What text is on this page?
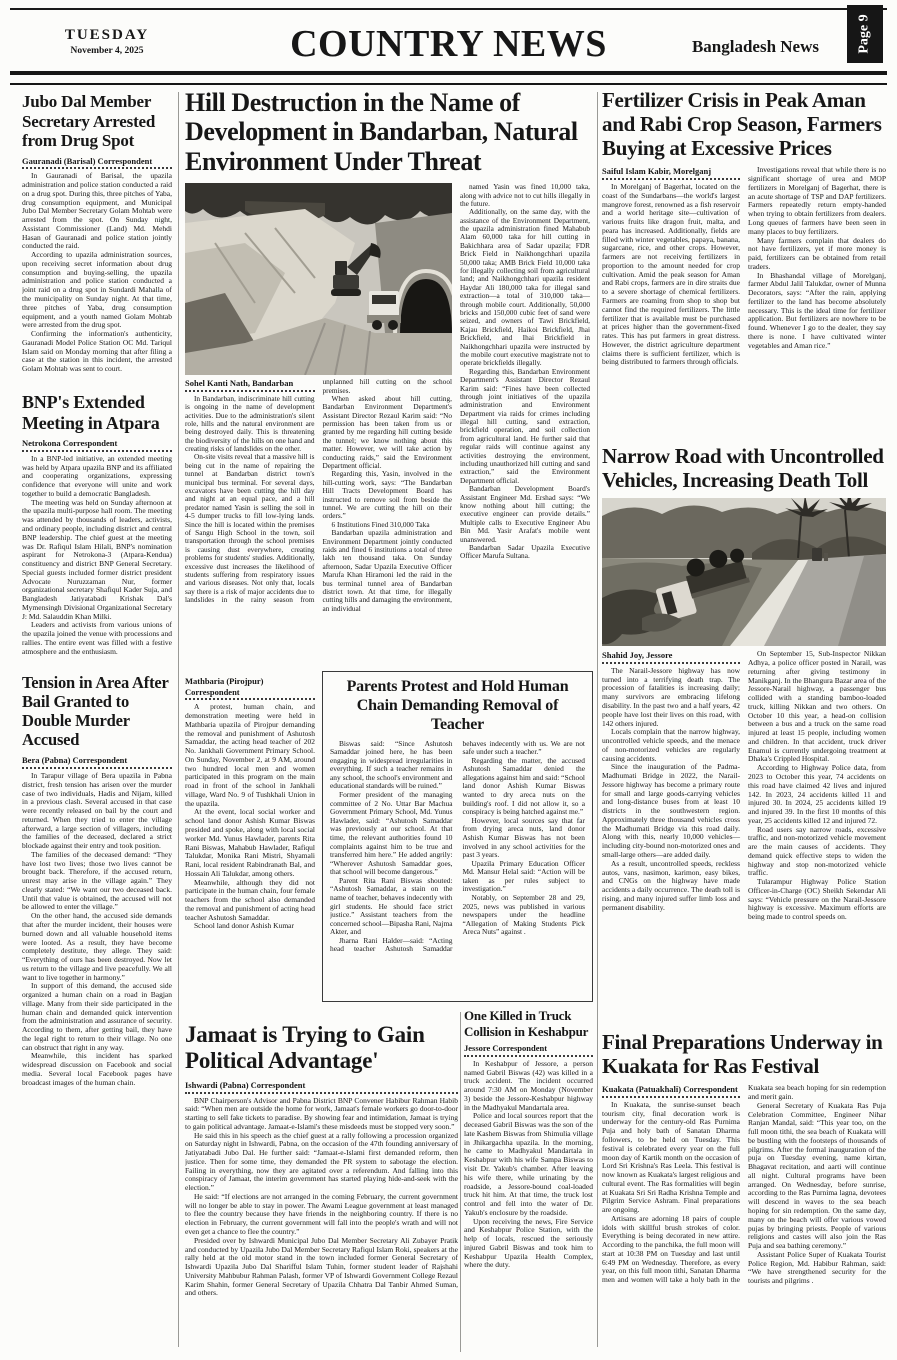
TUESDAY
November 4, 2025	COUNTRY NEWS	Bangladesh News	Page 9
Jubo Dal Member Secretary Arrested from Drug Spot
Gauranadi (Barisal) Correspondent

In Gauranadi of Barisal, the upazila administration and police station conducted a raid on a drug spot. During this, three pitches of Yaba, drug consumption equipment, and Municipal Jubo Dal Member Secretary Golam Mohtab were arrested from the spot. On Sunday night, Assistant Commissioner (Land) Md. Mehdi Hasan of Gauranadi and police station jointly conducted the raid.

According to upazila administration sources, upon receiving secret information about drug consumption and buying-selling, the upazila administration and police station conducted a joint raid on a drug spot in Sundardi Mahalla of the municipality on Sunday night. At that time, three pitches of Yaba, drug consumption equipment, and a youth named Golam Mohtab were arrested from the drug spot.

Confirming the information's authenticity, Gauranadi Model Police Station OC Md. Tariqul Islam said on Monday morning that after filing a case at the station in this incident, the arrested Golam Mohtab was sent to court.

BNP's Extended Meeting in Atpara
Netrokona Correspondent

In a BNP-led initiative, an extended meeting was held by Atpara upazila BNP and its affiliated and cooperating organizations, expressing confidence that everyone will unite and work together to build a democratic Bangladesh.

The meeting was held on Sunday afternoon at the upazila multi-purpose hall room. The meeting was attended by thousands of leaders, activists, and ordinary people, including district and central BNP leadership. The chief guest at the meeting was Dr. Rafiqul Islam Hilali, BNP's nomination aspirant for Netrokona-3 (Atpara-Kendua) constituency and district BNP General Secretary. Special guests included former district president Advocate Nuruzzaman Nur, former organizational secretary Shafiqul Kader Suja, and Bangladesh Jatiyatabadi Krishak Dal's Mymensingh Divisional Organizational Secretary J: Md. Salauddin Khan Milki.

Leaders and activists from various unions of the upazila joined the venue with processions and rallies. The entire event was filled with a festive atmosphere and the enthusiasm.

Tension in Area After Bail Granted to Double Murder Accused
Bera (Pabna) Correspondent

In Tarapur village of Bera upazila in Pabna district, fresh tension has arisen over the murder case of two individuals, Hadis and Nijam, killed in a previous clash. Several accused in that case were recently released on bail by the court and returned. When they tried to enter the village afterward, a large section of villagers, including the families of the deceased, declared a strict blockade against their entry and took position.

The families of the deceased demand: “They have lost two lives; those two lives cannot be brought back. Therefore, if the accused return, unrest may arise in the village again.” They clearly stated: “We want our two deceased back. Until that value is obtained, the accused will not be allowed to enter the village.”

On the other hand, the accused side demands that after the murder incident, their houses were burned down and all valuable household items were looted. As a result, they have become completely destitute, they allege. They said: “Everything of ours has been destroyed. Now let us return to the village and live peacefully. We all want to live together in harmony.”

In support of this demand, the accused side organized a human chain on a road in Bagjan village. Many from their side participated in the human chain and demanded quick intervention from the administration and assurance of security. According to them, after getting bail, they have the legal right to return to their village. No one can obstruct that right in any way.

Meanwhile, this incident has sparked widespread discussion on Facebook and social media. Several local Facebook pages have broadcast images of the human chain.

Hill Destruction in the Name of Development in Bandarban, Natural Environment Under Threat
Sohel Kanti Nath, Bandarban

In Bandarban, indiscriminate hill cutting is ongoing in the name of development activities. Due to the administration's silent role, hills and the natural environment are being destroyed daily. This is threatening the biodiversity of the hills on one hand and creating risks of landslides on the other.

On-site visits reveal that a massive hill is being cut in the name of repairing the tunnel at Bandarban district town's municipal bus terminal. For several days, excavators have been cutting the hill day and night at an equal pace, and a hill predator named Yasin is selling the soil in 4-5 dumper trucks to fill low-lying lands. Since the hill is located within the premises of Sangu High School in the town, soil transportation through the school premises is causing dust everywhere, creating problems for students' studies. Additionally, excessive dust increases the likelihood of students suffering from respiratory issues and various diseases. Not only that, locals say there is a risk of major accidents due to landslides in the rainy season from unplanned hill cutting on the school premises.

When asked about hill cutting, Bandarban Environment Department's Assistant Director Rezaul Karim said: “No permission has been taken from us or granted by me regarding hill cutting beside the tunnel; we know nothing about this matter. However, we will take action by conducting raids,” said the Environment Department official.

Regarding this, Yasin, involved in the hill-cutting work, says: “The Bandarban Hill Tracts Development Board has instructed to remove soil from beside the tunnel. We are cutting the hill on their orders.”

6 Institutions Fined 310,000 Taka

Bandarban upazila administration and Environment Department jointly conducted raids and fined 6 institutions a total of three lakh ten thousand taka. On Sunday afternoon, Sadar Upazila Executive Officer Marufa Khan Hiramoni led the raid in the bus terminal tunnel area of Bandarban district town. At that time, for illegally cutting hills and damaging the environment, an individual

named Yasin was fined 10,000 taka, along with advice not to cut hills illegally in the future.

Additionally, on the same day, with the assistance of the Environment Department, the upazila administration fined Mahabub Alam 60,000 taka for hill cutting in Bakichhara area of Sadar upazila; FDR Brick Field in Naikhongchhari upazila 50,000 taka; AMB Brick Field 10,000 taka for illegally collecting soil from agricultural land; and Naikhongchhari upazila resident Haydar Ali 180,000 taka for illegal sand extraction—a total of 310,000 taka—through mobile court. Additionally, 50,000 bricks and 150,000 cubic feet of sand were seized, and owners of Tawi Brickfield, Kajau Brickfield, Haikoi Brickfield, Jhai Brickfield, and Ihai Brickfield in Naikhongchhari upazila were instructed by the mobile court executive magistrate not to operate brickfields illegally.

Regarding this, Bandarban Environment Department's Assistant Director Rezaul Karim said: “Fines have been collected through joint initiatives of the upazila administration and Environment Department via raids for crimes including illegal hill cutting, sand extraction, brickfield operation, and soil collection from agricultural land. He further said that regular raids will continue against any activities destroying the environment, including unauthorized hill cutting and sand extraction,” said the Environment Department official.

Bandarban Development Board's Assistant Engineer Md. Ershad says: “We know nothing about hill cutting; the executive engineer can provide details.” Multiple calls to Executive Engineer Abu Bin Md. Yasir Arafat's mobile went unanswered.

Bandarban Sadar Upazila Executive Officer Marufa Sultana.

Mathbaria (Pirojpur) Correspondent

A protest, human chain, and demonstration meeting were held in Mathbaria upazila of Pirojpur demanding the removal and punishment of Ashutosh Samaddar, the acting head teacher of 202 No. Jankhali Government Primary School. On Sunday, November 2, at 9 AM, around two hundred local men and women participated in this program on the main road in front of the school in Jankhali village, Ward No. 9 of Tushkhali Union in the upazila.

At the event, local social worker and school land donor Ashish Kumar Biswas presided and spoke, along with local social worker Md. Yunus Hawlader, parents Rita Rani Biswas, Mahabub Hawlader, Rafiqul Talukdar, Monika Rani Mistri, Shyamali Rani, local resident Rabindranath Bal, and Hossain Ali Talukdar, among others.

Meanwhile, although they did not participate in the human chain, four female teachers from the school also demanded the removal and punishment of acting head teacher Ashutosh Samaddar.

School land donor Ashish Kumar

Parents Protest and Hold Human Chain Demanding Removal of Teacher

Biswas said: “Since Ashutosh Samaddar joined here, he has been engaging in widespread irregularities in everything. If such a teacher remains in any school, the school's environment and educational standards will be ruined.”

Former president of the managing committee of 2 No. Uttar Bar Machua Government Primary School, Md. Yunus Hawlader, said: “Ashutosh Samaddar was previously at our school. At that time, the relevant authorities found 10 complaints against him to be true and transferred him here.” He added angrily: “Wherever Ashutosh Samaddar goes, that school will become dangerous.”

Parent Rita Rani Biswas shouted: “Ashutosh Samaddar, a stain on the name of teacher, behaves indecently with girl students. He should face strict justice.” Assistant teachers from the concerned school—Bipasha Rani, Najma Akter, and

Jharna Rani Halder—said: “Acting head teacher Ashutosh Samaddar behaves indecently with us. We are not safe under such a teacher.”

Regarding the matter, the accused Ashutosh Samaddar denied the allegations against him and said: “School land donor Ashish Kumar Biswas wanted to dry areca nuts on the building's roof. I did not allow it, so a conspiracy is being hatched against me.”

However, local sources say that far from drying areca nuts, land donor Ashish Kumar Biswas has not been involved in any school activities for the past 3 years.

Upazila Primary Education Officer Md. Mansur Helal said: “Action will be taken as per rules subject to investigation.”

Notably, on September 28 and 29, 2025, news was published in various newspapers under the headline “Allegation of Making Students Pick Areca Nuts” against .

Jamaat is Trying to Gain Political Advantage'
Ishwardi (Pabna) Correspondent

BNP Chairperson's Advisor and Pabna District BNP Convener Habibur Rahman Habib said: “When men are outside the home for work, Jamaat's female workers go door-to-door starting to sell fake tickets to paradise. By showing fear and intimidation, Jamaat is trying to gain political advantage. Jamaat-e-Islami's these misdeeds must be stopped very soon.”

He said this in his speech as the chief guest at a rally following a procession organized on Saturday night in Ishwardi, Pabna, on the occasion of the 47th founding anniversary of Jatiyatabadi Jubo Dal. He further said: “Jamaat-e-Islami first demanded reform, then justice. Then for some time, they demanded the PR system to sabotage the election. Failing in everything, now they are agitated over a referendum. And falling into this conspiracy of Jamaat, the interim government has started playing hide-and-seek with the election.”

He said: “If elections are not arranged in the coming February, the current government will no longer be able to stay in power. The Awami League government at least managed to flee the country because they have friends in the neighboring country. If there is no election in February, the current government will fall into the people's wrath and will not even get a chance to flee the country.”

Presided over by Ishwardi Municipal Jubo Dal Member Secretary Ali Zubayer Pratik and conducted by Upazila Jubo Dal Member Secretary Rafiqul Islam Roki, speakers at the rally held at the old motor stand in the town included former General Secretary of Ishwardi Upazila Jubo Dal Sharifful Islam Tuhin, former student leader of Rajshahi University Mahbubur Rahman Palash, former VP of Ishwardi Government College Rezaul Karim Shahin, former General Secretary of Upazila Chhatra Dal Tanbir Ahmed Suman, and others.

One Killed in Truck Collision in Keshabpur
Jessore Correspondent

In Keshabpur of Jessore, a person named Gabril Biswas (42) was killed in a truck accident. The incident occurred around 7:30 AM on Monday (November 3) beside the Jessore-Keshabpur highway in the Madhyakul Mandartala area.

Police and local sources report that the deceased Gabril Biswas was the son of the late Kashem Biswas from Shimulia village in Jhikargachha upazila. In the morning, he came to Madhyakul Mandartala in Keshabpur with his wife Sampa Biswas to visit Dr. Yakub's chamber. After leaving his wife there, while urinating by the roadside, a Jessore-bound coal-loaded truck hit him. At that time, the truck lost control and fell into the water of Dr. Yakub's enclosure by the roadside.

Upon receiving the news, Fire Service and Keshabpur Police Station, with the help of locals, rescued the seriously injured Gabril Biswas and took him to Keshabpur Upazila Health Complex, where the duty.

Fertilizer Crisis in Peak Aman and Rabi Crop Season, Farmers Buying at Excessive Prices
Saiful Islam Kabir, Morelganj

In Morelganj of Bagerhat, located on the coast of the Sundarbans—the world's largest mangrove forest, renowned as a fish reservoir and a world heritage site—cultivation of various fruits like dragon fruit, malta, and peara has increased. Additionally, fields are filled with winter vegetables, papaya, banana, sugarcane, rice, and other crops. However, farmers are not receiving fertilizers in proportion to the amount needed for crop cultivation. Amid the peak season for Aman and Rabi crops, farmers are in dire straits due to a severe shortage of chemical fertilizers. Farmers are roaming from shop to shop but cannot find the required fertilizers. The little fertilizer that is available must be purchased at prices higher than the government-fixed rates. This has put farmers in great distress. However, the district agriculture department claims there is sufficient fertilizer, which is being distributed to farmers through officials.

Investigations reveal that while there is no significant shortage of urea and MOP fertilizers in Morelganj of Bagerhat, there is an acute shortage of TSP and DAP fertilizers. Farmers repeatedly return empty-handed when trying to obtain fertilizers from dealers. Long queues of farmers have been seen in many places to buy fertilizers.

Many farmers complain that dealers do not have fertilizers, yet if more money is paid, fertilizers can be obtained from retail traders.

In Bhashandal village of Morelganj, farmer Abdul Jalil Talukdar, owner of Munna Decorators, says: “After the rain, applying fertilizer to the land has become absolutely necessary. This is the ideal time for fertilizer application. But fertilizers are nowhere to be found. Whenever I go to the dealer, they say there is none. I have cultivated winter vegetables and Aman rice.”

Narrow Road with Uncontrolled Vehicles, Increasing Death Toll
Shahid Joy, Jessore

The Narail-Jessore highway has now turned into a terrifying death trap. The procession of fatalities is increasing daily; many survivors are embracing lifelong disability. In the past two and a half years, 42 people have lost their lives on this road, with 142 others injured.

Locals complain that the narrow highway, uncontrolled vehicle speeds, and the menace of non-motorized vehicles are regularly causing accidents.

Since the inauguration of the Padma-Madhumati Bridge in 2022, the Narail-Jessore highway has become a primary route for small and large goods-carrying vehicles and long-distance buses from at least 10 districts in the southwestern region. Approximately three thousand vehicles cross the Madhumati Bridge via this road daily. Along with this, nearly 10,000 vehicles—including city-bound non-motorized ones and small-large others—are added daily.

As a result, uncontrolled speeds, reckless autos, vans, nasimon, karimon, easy bikes, and CNGs on the highway have made accidents a daily occurrence. The death toll is rising, and many injured suffer limb loss and permanent disability.

On September 15, Sub-Inspector Nikkan Adhya, a police officer posted in Narail, was returning after giving testimony in Manikganj. In the Bhangura Bazar area of the Jessore-Narail highway, a passenger bus collided with a standing bamboo-loaded truck, killing Nikkan and two others. On October 10 this year, a head-on collision between a bus and a truck on the same road injured at least 15 people, including women and children. In that accident, truck driver Enamul is currently undergoing treatment at Dhaka's Crippled Hospital.

According to Highway Police data, from 2023 to October this year, 74 accidents on this road have claimed 42 lives and injured 142. In 2023, 24 accidents killed 11 and injured 30. In 2024, 25 accidents killed 19 and injured 39. In the first 10 months of this year, 25 accidents killed 12 and injured 72.

Road users say narrow roads, excessive traffic, and non-motorized vehicle movement are the main causes of accidents. They demand quick effective steps to widen the highway and stop non-motorized vehicle traffic.

Tularampur Highway Police Station Officer-in-Charge (OC) Sheikh Sekendar Ali says: “Vehicle pressure on the Narail-Jessore highway is excessive. Maximum efforts are being made to control speeds on.

Final Preparations Underway in Kuakata for Ras Festival
Kuakata (Patuakhali) Correspondent

In Kuakata, the sunrise-sunset beach tourism city, final decoration work is underway for the century-old Ras Purnima Puja and holy bath of Sanatan Dharma followers, to be held on Tuesday. This festival is celebrated every year on the full moon day of Kartik month on the occasion of Lord Sri Krishna's Ras Leela. This festival is now known as Kuakata's largest religious and cultural event. The Ras formalities will begin at Kuakata Sri Sri Radha Krishna Temple and Pilgrim Service Ashram. Final preparations are ongoing.

Artisans are adorning 18 pairs of couple idols with skillful brush strokes of color. Everything is being decorated in new attire. According to the panchika, the full moon will start at 10:38 PM on Tuesday and last until 6:49 PM on Wednesday. Therefore, as every year, on this full moon tithi, Sanatan Dharma men and women will take a holy bath in the Kuakata sea beach hoping for sin redemption and merit gain.

General Secretary of Kuakata Ras Puja Celebration Committee, Engineer Nihar Ranjan Mandal, said: “This year too, on the full moon tithi, the sea beach of Kuakata will be bustling with the footsteps of thousands of pilgrims. After the formal inauguration of the puja on Tuesday evening, name kirtan, Bhagavat recitation, and aarti will continue all night. Cultural programs have been arranged. On Wednesday, before sunrise, according to the Ras Purnima lagna, devotees will descend in waves to the sea beach hoping for sin redemption. On the same day, many on the beach will offer various vowed pujas by bringing priests. People of various religions and castes will also join the Ras Puja and sea bathing ceremony.”

Assistant Police Super of Kuakata Tourist Police Region, Md. Habibur Rahman, said: “We have strengthened security for the tourists and pilgrims .
